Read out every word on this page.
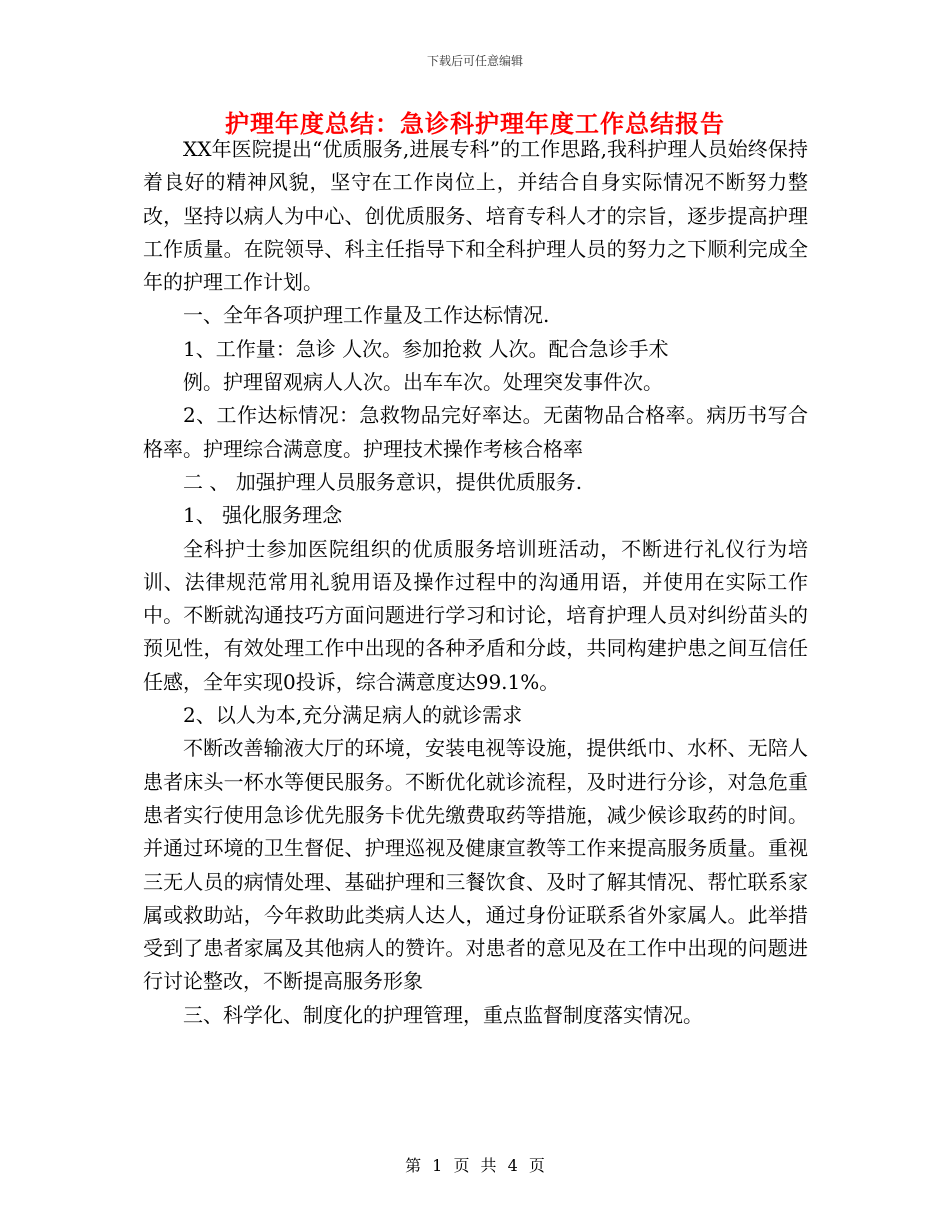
下载后可任意编辑
护理年度总结：急诊科护理年度工作总结报告

XX年医院提出“优质服务,进展专科”的工作思路,我科护理人员始终保持着良好的精神风貌，坚守在工作岗位上，并结合自身实际情况不断努力整改，坚持以病人为中心、创优质服务、培育专科人才的宗旨，逐步提高护理工作质量。在院领导、科主任指导下和全科护理人员的努力之下顺利完成全年的护理工作计划。

一、全年各项护理工作量及工作达标情况.

1、工作量：急诊 人次。参加抢救 人次。配合急诊手术

例。护理留观病人人次。出车车次。处理突发事件次。

2、工作达标情况：急救物品完好率达。无菌物品合格率。病历书写合格率。护理综合满意度。护理技术操作考核合格率

二 、 加强护理人员服务意识，提供优质服务.

1、 强化服务理念

全科护士参加医院组织的优质服务培训班活动，不断进行礼仪行为培训、法律规范常用礼貌用语及操作过程中的沟通用语，并使用在实际工作中。不断就沟通技巧方面问题进行学习和讨论，培育护理人员对纠纷苗头的预见性，有效处理工作中出现的各种矛盾和分歧，共同构建护患之间互信任任感，全年实现0投诉，综合满意度达99.1%。

2、以人为本,充分满足病人的就诊需求

不断改善输液大厅的环境，安装电视等设施，提供纸巾、水杯、无陪人患者床头一杯水等便民服务。不断优化就诊流程，及时进行分诊，对急危重患者实行使用急诊优先服务卡优先缴费取药等措施，减少候诊取药的时间。并通过环境的卫生督促、护理巡视及健康宣教等工作来提高服务质量。重视三无人员的病情处理、基础护理和三餐饮食、及时了解其情况、帮忙联系家属或救助站，今年救助此类病人达人，通过身份证联系省外家属人。此举措受到了患者家属及其他病人的赞许。对患者的意见及在工作中出现的问题进行讨论整改，不断提高服务形象

三、科学化、制度化的护理管理，重点监督制度落实情况。

第 1 页 共 4 页
